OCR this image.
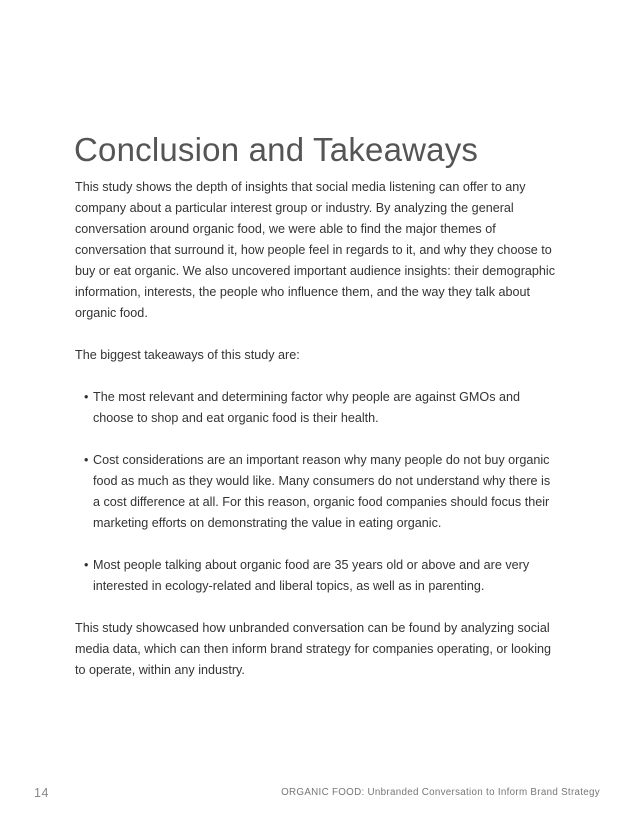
Conclusion and Takeaways

This study shows the depth of insights that social media listening can offer to any company about a particular interest group or industry. By analyzing the general conversation around organic food, we were able to find the major themes of conversation that surround it, how people feel in regards to it, and why they choose to buy or eat organic. We also uncovered important audience insights: their demographic information, interests, the people who influence them, and the way they talk about organic food.

The biggest takeaways of this study are:

• The most relevant and determining factor why people are against GMOs and choose to shop and eat organic food is their health.
• Cost considerations are an important reason why many people do not buy organic food as much as they would like. Many consumers do not understand why there is a cost difference at all. For this reason, organic food companies should focus their marketing efforts on demonstrating the value in eating organic.
• Most people talking about organic food are 35 years old or above and are very interested in ecology-related and liberal topics, as well as in parenting.

This study showcased how unbranded conversation can be found by analyzing social media data, which can then inform brand strategy for companies operating, or looking to operate, within any industry.

14	ORGANIC FOOD: Unbranded Conversation to Inform Brand Strategy
